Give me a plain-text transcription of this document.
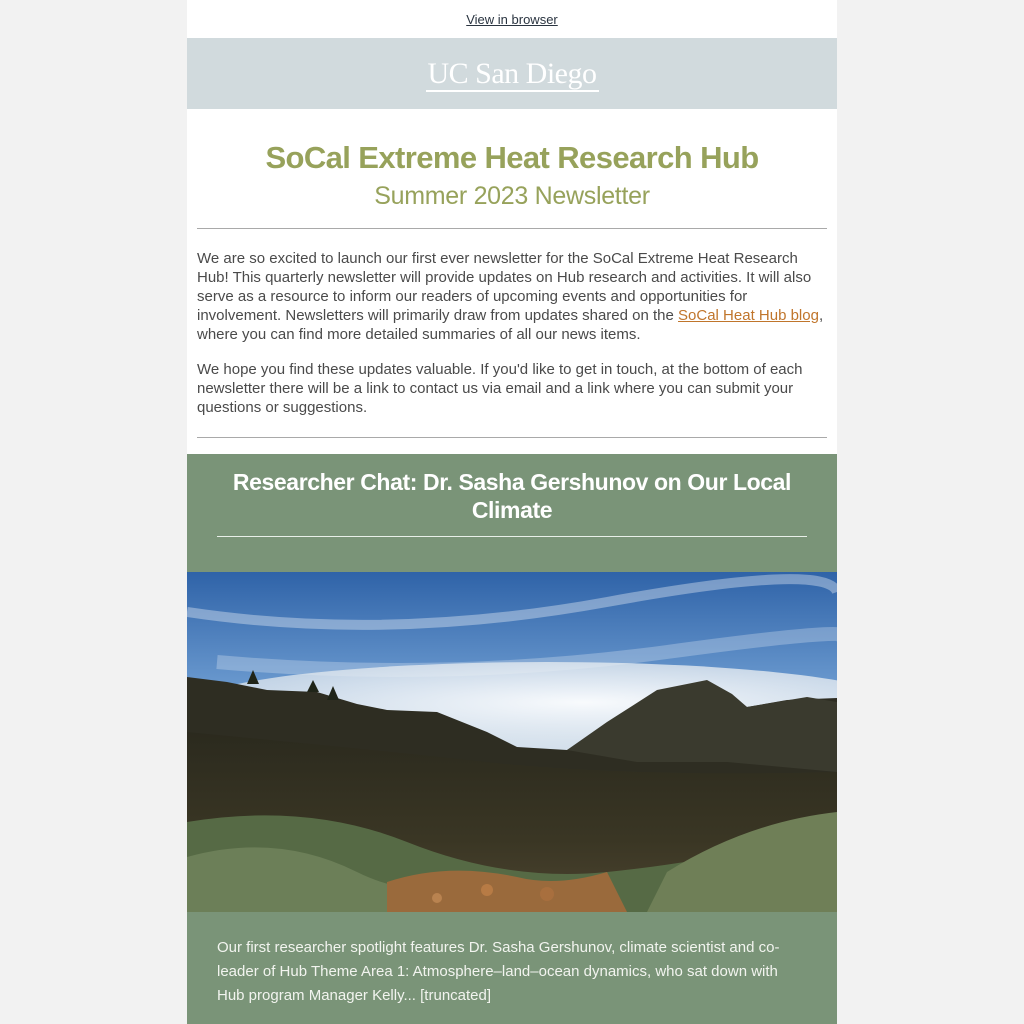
View in browser
UC San Diego
SoCal Extreme Heat Research Hub
Summer 2023 Newsletter

We are so excited to launch our first ever newsletter for the SoCal Extreme Heat Research Hub! This quarterly newsletter will provide updates on Hub research and activities. It will also serve as a resource to inform our readers of upcoming events and opportunities for involvement. Newsletters will primarily draw from updates shared on the SoCal Heat Hub blog, where you can find more detailed summaries of all our news items.

We hope you find these updates valuable. If you'd like to get in touch, at the bottom of each newsletter there will be a link to contact us via email and a link where you can submit your questions or suggestions.

Researcher Chat: Dr. Sasha Gershunov on Our Local Climate

Our first researcher spotlight features Dr. Sasha Gershunov, climate scientist and co-leader of Hub Theme Area 1: Atmosphere–land–ocean dynamics, who sat down with Hub program Manager Kelly... [truncated]
